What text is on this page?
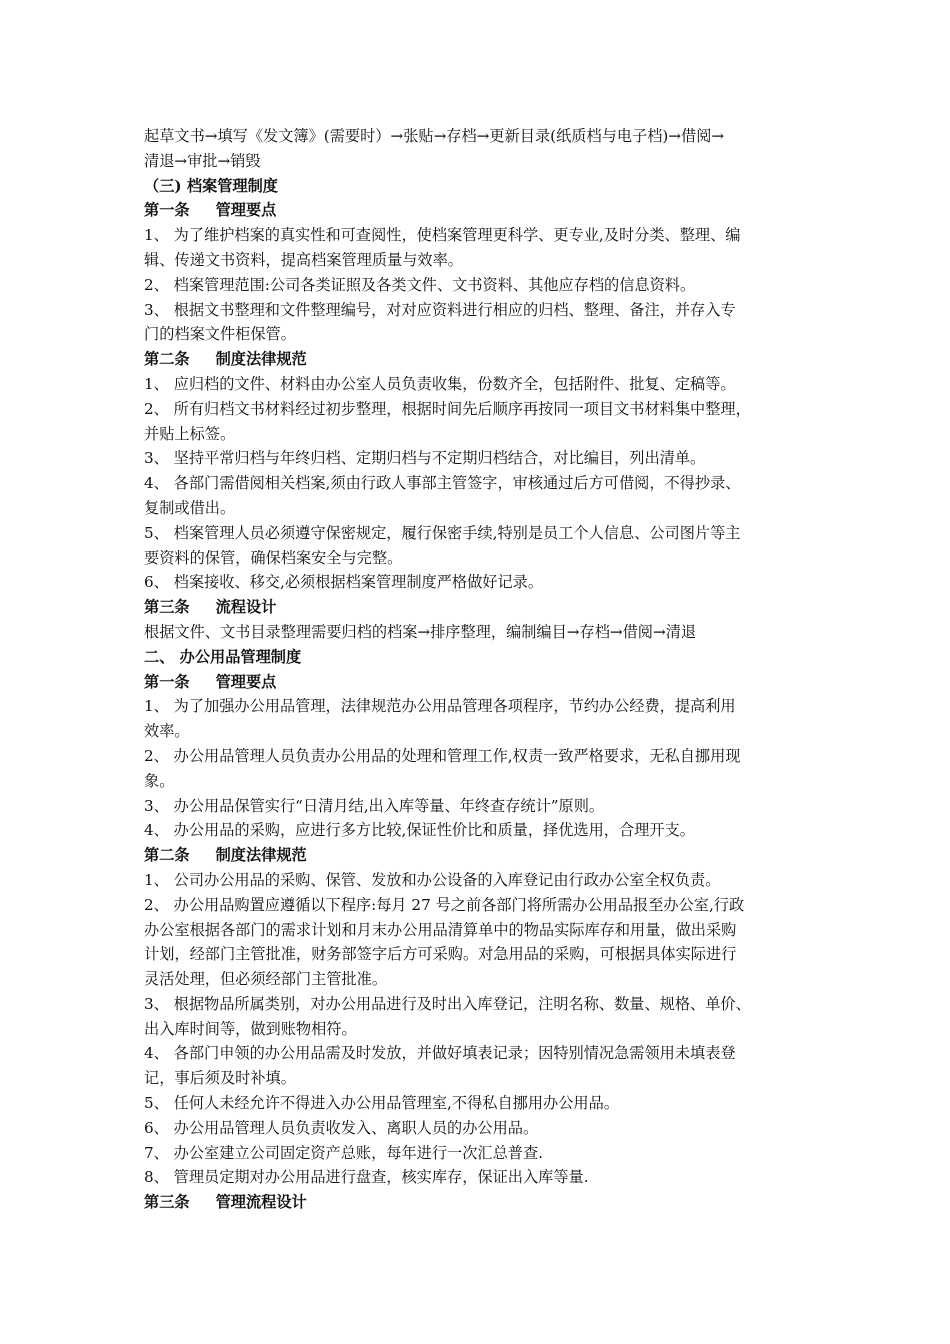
起草文书→填写《发文簿》(需要时）→张贴→存档→更新目录(纸质档与电子档)→借阅→
清退→审批→销毁
（三) 档案管理制度
第一条 管理要点
1、 为了维护档案的真实性和可查阅性，使档案管理更科学、更专业,及时分类、整理、编
辑、传递文书资料，提高档案管理质量与效率。
2、 档案管理范围:公司各类证照及各类文件、文书资料、其他应存档的信息资料。
3、 根据文书整理和文件整理编号，对对应资料进行相应的归档、整理、备注，并存入专
门的档案文件柜保管。
第二条 制度法律规范
1、 应归档的文件、材料由办公室人员负责收集，份数齐全，包括附件、批复、定稿等。
2、 所有归档文书材料经过初步整理，根据时间先后顺序再按同一项目文书材料集中整理，
并贴上标签。
3、 坚持平常归档与年终归档、定期归档与不定期归档结合，对比编目，列出清单。
4、 各部门需借阅相关档案,须由行政人事部主管签字，审核通过后方可借阅，不得抄录、
复制或借出。
5、 档案管理人员必须遵守保密规定，履行保密手续,特别是员工个人信息、公司图片等主
要资料的保管，确保档案安全与完整。
6、 档案接收、移交,必须根据档案管理制度严格做好记录。
第三条 流程设计
根据文件、文书目录整理需要归档的档案→排序整理，编制编目→存档→借阅→清退
二、 办公用品管理制度
第一条 管理要点
1、 为了加强办公用品管理，法律规范办公用品管理各项程序，节约办公经费，提高利用
效率。
2、 办公用品管理人员负责办公用品的处理和管理工作,权责一致严格要求，无私自挪用现
象。
3、 办公用品保管实行“日清月结,出入库等量、年终查存统计”原则。
4、 办公用品的采购，应进行多方比较,保证性价比和质量，择优选用，合理开支。
第二条 制度法律规范
1、 公司办公用品的采购、保管、发放和办公设备的入库登记由行政办公室全权负责。
2、 办公用品购置应遵循以下程序:每月 27 号之前各部门将所需办公用品报至办公室,行政
办公室根据各部门的需求计划和月末办公用品清算单中的物品实际库存和用量，做出采购
计划，经部门主管批准，财务部签字后方可采购。对急用品的采购，可根据具体实际进行
灵活处理，但必须经部门主管批准。
3、 根据物品所属类别，对办公用品进行及时出入库登记，注明名称、数量、规格、单价、
出入库时间等，做到账物相符。
4、 各部门申领的办公用品需及时发放，并做好填表记录；因特别情况急需领用未填表登
记，事后须及时补填。
5、 任何人未经允许不得进入办公用品管理室,不得私自挪用办公用品。
6、 办公用品管理人员负责收发入、离职人员的办公用品。
7、 办公室建立公司固定资产总账，每年进行一次汇总普查.
8、 管理员定期对办公用品进行盘查，核实库存，保证出入库等量.
第三条 管理流程设计
